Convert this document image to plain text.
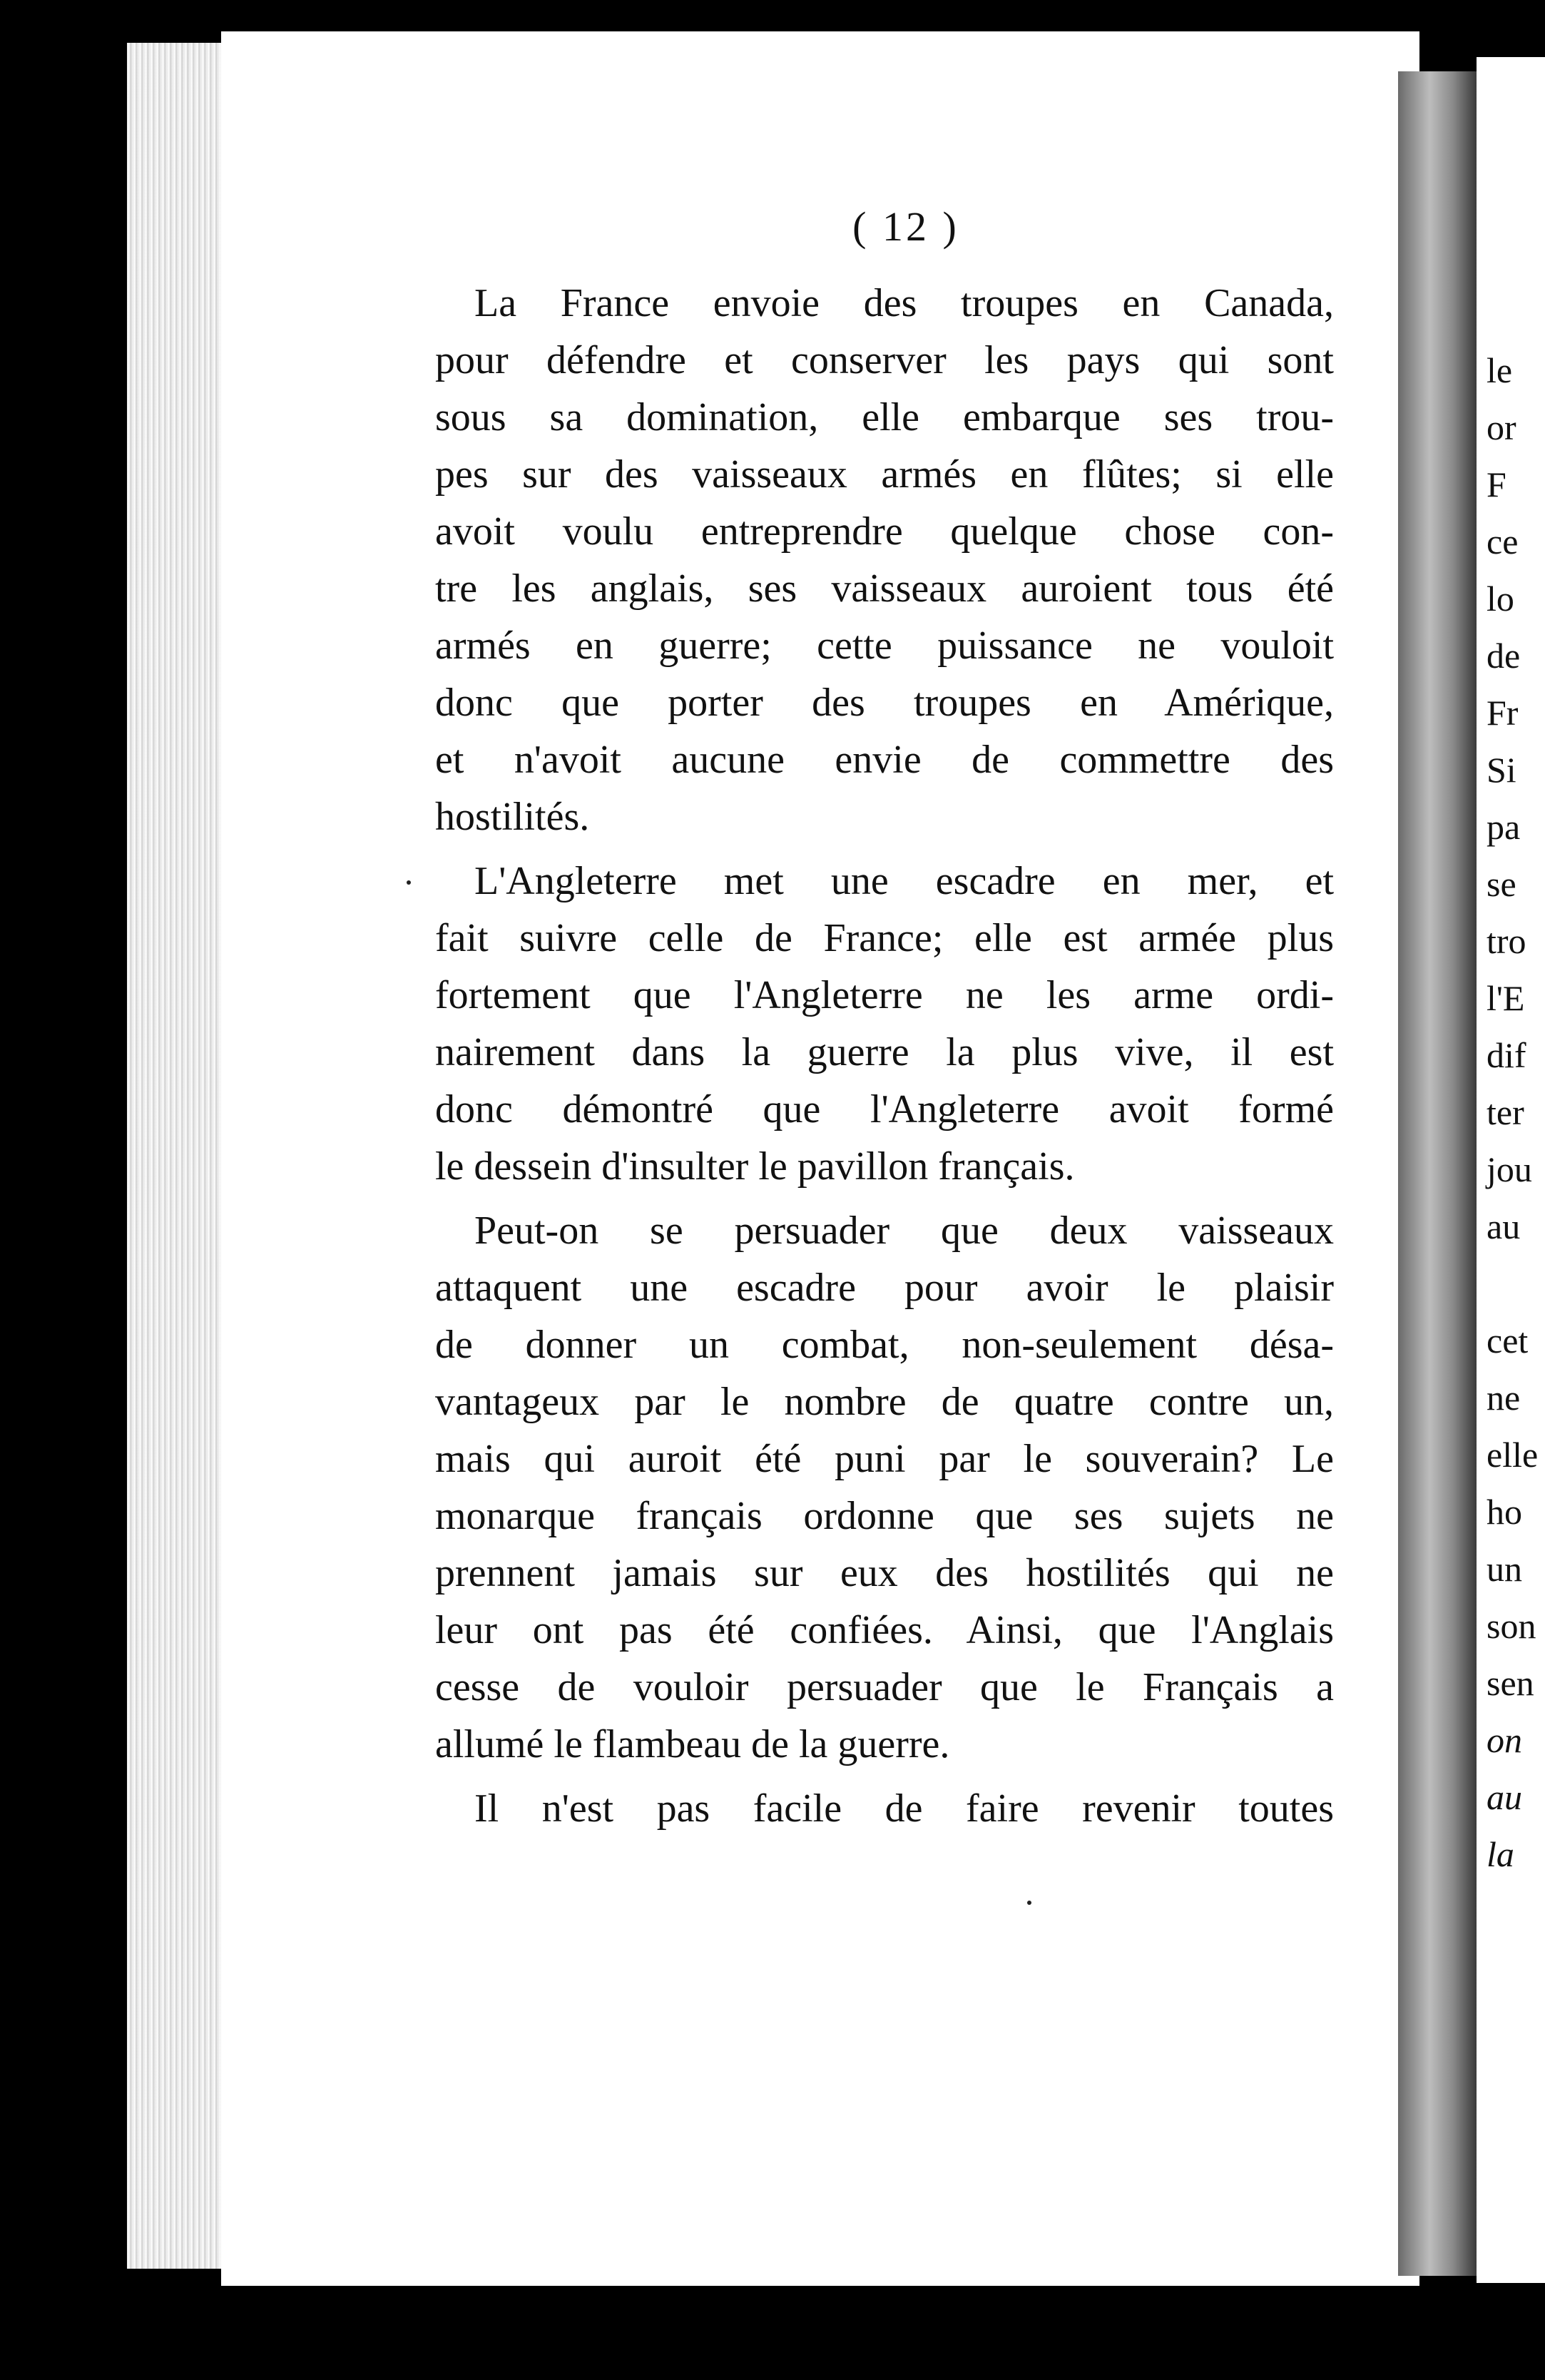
( 12 )
La France envoie des troupes en Canada,
pour défendre et conserver les pays qui sont
sous sa domination, elle embarque ses trou-
pes sur des vaisseaux armés en flûtes; si elle
avoit voulu entreprendre quelque chose con-
tre les anglais, ses vaisseaux auroient tous été
armés en guerre; cette puissance ne vouloit
donc que porter des troupes en Amérique,
et n'avoit aucune envie de commettre des
hostilités.
L'Angleterre met une escadre en mer, et
fait suivre celle de France; elle est armée plus
fortement que l'Angleterre ne les arme ordi-
nairement dans la guerre la plus vive, il est
donc démontré que l'Angleterre avoit formé
le dessein d'insulter le pavillon français.
Peut-on se persuader que deux vaisseaux
attaquent une escadre pour avoir le plaisir
de donner un combat, non-seulement désa-
vantageux par le nombre de quatre contre un,
mais qui auroit été puni par le souverain? Le
monarque français ordonne que ses sujets ne
prennent jamais sur eux des hostilités qui ne
leur ont pas été confiées. Ainsi, que l'Anglais
cesse de vouloir persuader que le Français a
allumé le flambeau de la guerre.
Il n'est pas facile de faire revenir toutes
le
or
F
ce
lo
de
Fr
Si
pa
se
tro
l'E
dif
ter
jou
au
cet
ne
elle
ho
un
son
sen
on
au
la
